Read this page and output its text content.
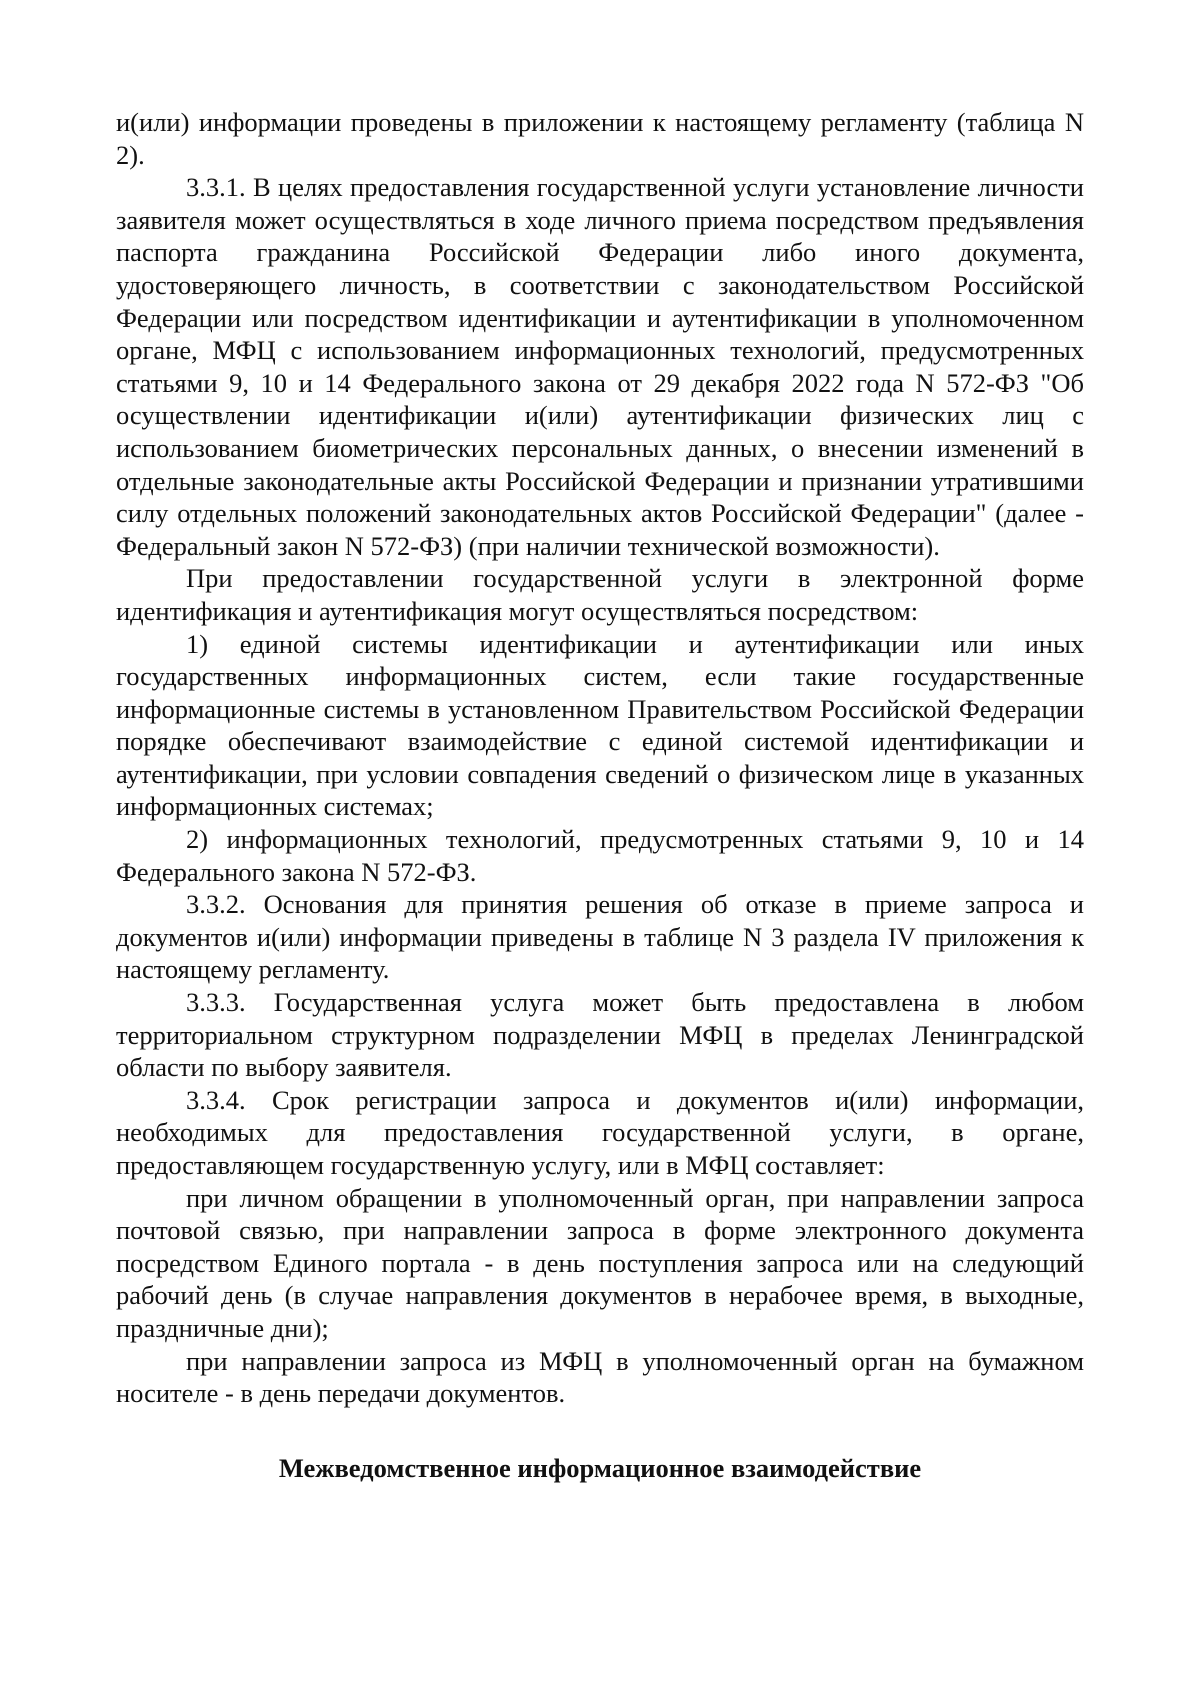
и(или) информации проведены в приложении к настоящему регламенту (таблица N 2).

3.3.1. В целях предоставления государственной услуги установление личности заявителя может осуществляться в ходе личного приема посредством предъявления паспорта гражданина Российской Федерации либо иного документа, удостоверяющего личность, в соответствии с законодательством Российской Федерации или посредством идентификации и аутентификации в уполномоченном органе, МФЦ с использованием информационных технологий, предусмотренных статьями 9, 10 и 14 Федерального закона от 29 декабря 2022 года N 572-ФЗ "Об осуществлении идентификации и(или) аутентификации физических лиц с использованием биометрических персональных данных, о внесении изменений в отдельные законодательные акты Российской Федерации и признании утратившими силу отдельных положений законодательных актов Российской Федерации" (далее - Федеральный закон N 572-ФЗ) (при наличии технической возможности).

При предоставлении государственной услуги в электронной форме идентификация и аутентификация могут осуществляться посредством:

1) единой системы идентификации и аутентификации или иных государственных информационных систем, если такие государственные информационные системы в установленном Правительством Российской Федерации порядке обеспечивают взаимодействие с единой системой идентификации и аутентификации, при условии совпадения сведений о физическом лице в указанных информационных системах;

2) информационных технологий, предусмотренных статьями 9, 10 и 14 Федерального закона N 572-ФЗ.

3.3.2. Основания для принятия решения об отказе в приеме запроса и документов и(или) информации приведены в таблице N 3 раздела IV приложения к настоящему регламенту.

3.3.3. Государственная услуга может быть предоставлена в любом территориальном структурном подразделении МФЦ в пределах Ленинградской области по выбору заявителя.

3.3.4. Срок регистрации запроса и документов и(или) информации, необходимых для предоставления государственной услуги, в органе, предоставляющем государственную услугу, или в МФЦ составляет:

при личном обращении в уполномоченный орган, при направлении запроса почтовой связью, при направлении запроса в форме электронного документа посредством Единого портала - в день поступления запроса или на следующий рабочий день (в случае направления документов в нерабочее время, в выходные, праздничные дни);

при направлении запроса из МФЦ в уполномоченный орган на бумажном носителе - в день передачи документов.

Межведомственное информационное взаимодействие
